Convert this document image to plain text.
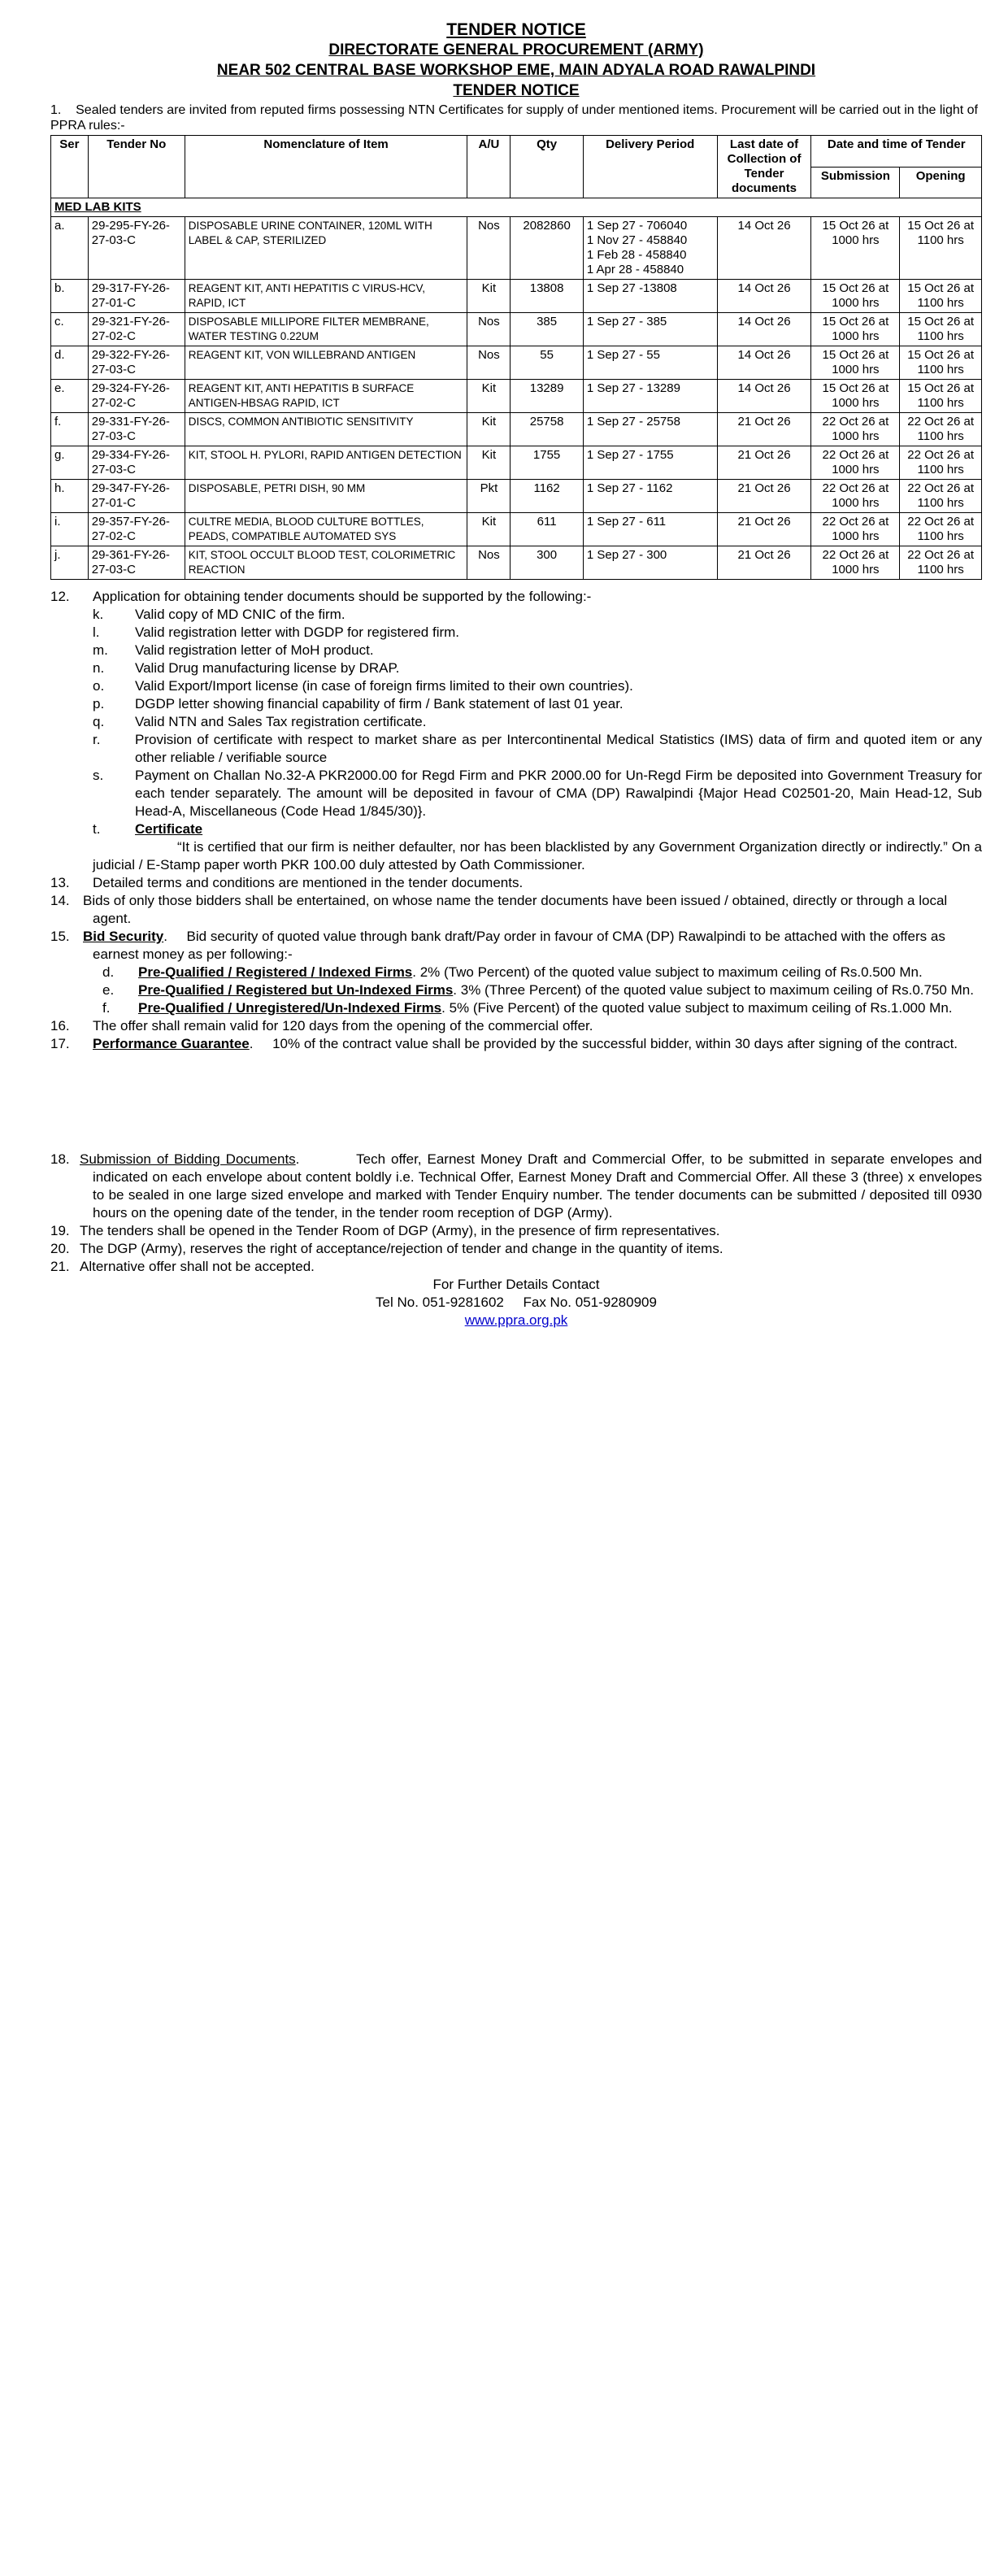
TENDER NOTICE
DIRECTORATE GENERAL PROCUREMENT (ARMY)
NEAR 502 CENTRAL BASE WORKSHOP EME, MAIN ADYALA ROAD RAWALPINDI
TENDER NOTICE
1. Sealed tenders are invited from reputed firms possessing NTN Certificates for supply of under mentioned items. Procurement will be carried out in the light of PPRA rules:-
Ser	Tender No	Nomenclature of Item	A/U	Qty	Delivery Period	Last date of Collection of Tender documents	Date and time of Tender	
							Submission	Opening
MED LAB KITS								
a.	29-295-FY-26-27-03-C	DISPOSABLE URINE CONTAINER, 120ML WITH LABEL & CAP, STERILIZED	Nos	2082860	1 Sep 27 - 706040
1 Nov 27 - 458840
1 Feb 28 - 458840
1 Apr 28 - 458840	14 Oct 26	15 Oct 26 at 1000 hrs	15 Oct 26 at 1100 hrs
b.	29-317-FY-26-27-01-C	REAGENT KIT, ANTI HEPATITIS C VIRUS-HCV, RAPID, ICT	Kit	13808	1 Sep 27 -13808	14 Oct 26	15 Oct 26 at 1000 hrs	15 Oct 26 at 1100 hrs
c.	29-321-FY-26-27-02-C	DISPOSABLE MILLIPORE FILTER MEMBRANE, WATER TESTING 0.22UM	Nos	385	1 Sep 27 - 385	14 Oct 26	15 Oct 26 at 1000 hrs	15 Oct 26 at 1100 hrs
d.	29-322-FY-26-27-03-C	REAGENT KIT, VON WILLEBRAND ANTIGEN	Nos	55	1 Sep 27 - 55	14 Oct 26	15 Oct 26 at 1000 hrs	15 Oct 26 at 1100 hrs
e.	29-324-FY-26-27-02-C	REAGENT KIT, ANTI HEPATITIS B SURFACE ANTIGEN-HBSAG RAPID, ICT	Kit	13289	1 Sep 27 - 13289	14 Oct 26	15 Oct 26 at 1000 hrs	15 Oct 26 at 1100 hrs
f.	29-331-FY-26-27-03-C	DISCS, COMMON ANTIBIOTIC SENSITIVITY	Kit	25758	1 Sep 27 - 25758	21 Oct 26	22 Oct 26 at 1000 hrs	22 Oct 26 at 1100 hrs
g.	29-334-FY-26-27-03-C	KIT, STOOL H. PYLORI, RAPID ANTIGEN DETECTION	Kit	1755	1 Sep 27 - 1755	21 Oct 26	22 Oct 26 at 1000 hrs	22 Oct 26 at 1100 hrs
h.	29-347-FY-26-27-01-C	DISPOSABLE, PETRI DISH, 90 MM	Pkt	1162	1 Sep 27 - 1162	21 Oct 26	22 Oct 26 at 1000 hrs	22 Oct 26 at 1100 hrs
i.	29-357-FY-26-27-02-C	CULTRE MEDIA, BLOOD CULTURE BOTTLES, PEADS, COMPATIBLE AUTOMATED SYS	Kit	611	1 Sep 27 - 611	21 Oct 26	22 Oct 26 at 1000 hrs	22 Oct 26 at 1100 hrs
j.	29-361-FY-26-27-03-C	KIT, STOOL OCCULT BLOOD TEST, COLORIMETRIC REACTION	Nos	300	1 Sep 27 - 300	21 Oct 26	22 Oct 26 at 1000 hrs	22 Oct 26 at 1100 hrs
12.	Application for obtaining tender documents should be supported by the following:-
k.	Valid copy of MD CNIC of the firm.
l.	Valid registration letter with DGDP for registered firm.
m.	Valid registration letter of MoH product.
n.	Valid Drug manufacturing license by DRAP.
o.	Valid Export/Import license (in case of foreign firms limited to their own countries).
p.	DGDP letter showing financial capability of firm / Bank statement of last 01 year.
q.	Valid NTN and Sales Tax registration certificate.
r.	Provision of certificate with respect to market share as per Intercontinental Medical Statistics (IMS) data of firm and quoted item or any other reliable / verifiable source
s.	Payment on Challan No.32-A PKR2000.00 for Regd Firm and PKR 2000.00 for Un-Regd Firm be deposited into Government Treasury for each tender separately. The amount will be deposited in favour of CMA (DP) Rawalpindi {Major Head C02501-20, Main Head-12, Sub Head-A, Miscellaneous (Code Head 1/845/30)}.
t.	Certificate
“It is certified that our firm is neither defaulter, nor has been blacklisted by any Government Organization directly or indirectly.” On a judicial / E-Stamp paper worth PKR 100.00 duly attested by Oath Commissioner.
13.	Detailed terms and conditions are mentioned in the tender documents.
14. Bids of only those bidders shall be entertained, on whose name the tender documents have been issued / obtained, directly or through a local agent.
15. Bid Security.     Bid security of quoted value through bank draft/Pay order in favour of CMA (DP) Rawalpindi to be attached with the offers as earnest money as per following:-
d. Pre-Qualified / Registered / Indexed Firms. 2% (Two Percent) of the quoted value subject to maximum ceiling of Rs.0.500 Mn.
e. Pre-Qualified / Registered but Un-Indexed Firms. 3% (Three Percent) of the quoted value subject to maximum ceiling of Rs.0.750 Mn.
f. Pre-Qualified / Unregistered/Un-Indexed Firms. 5% (Five Percent) of the quoted value subject to maximum ceiling of Rs.1.000 Mn.
16.	The offer shall remain valid for 120 days from the opening of the commercial offer.
17. Performance Guarantee.     10% of the contract value shall be provided by the successful bidder, within 30 days after signing of the contract.
18. Submission of Bidding Documents.          Tech offer, Earnest Money Draft and Commercial Offer, to be submitted in separate envelopes and indicated on each envelope about content boldly i.e. Technical Offer, Earnest Money Draft and Commercial Offer. All these 3 (three) x envelopes to be sealed in one large sized envelope and marked with Tender Enquiry number. The tender documents can be submitted / deposited till 0930 hours on the opening date of the tender, in the tender room reception of DGP (Army).
19. The tenders shall be opened in the Tender Room of DGP (Army), in the presence of firm representatives.
20. The DGP (Army), reserves the right of acceptance/rejection of tender and change in the quantity of items.
21. Alternative offer shall not be accepted.
For Further Details Contact
Tel No. 051-9281602 Fax No. 051-9280909
www.ppra.org.pk
